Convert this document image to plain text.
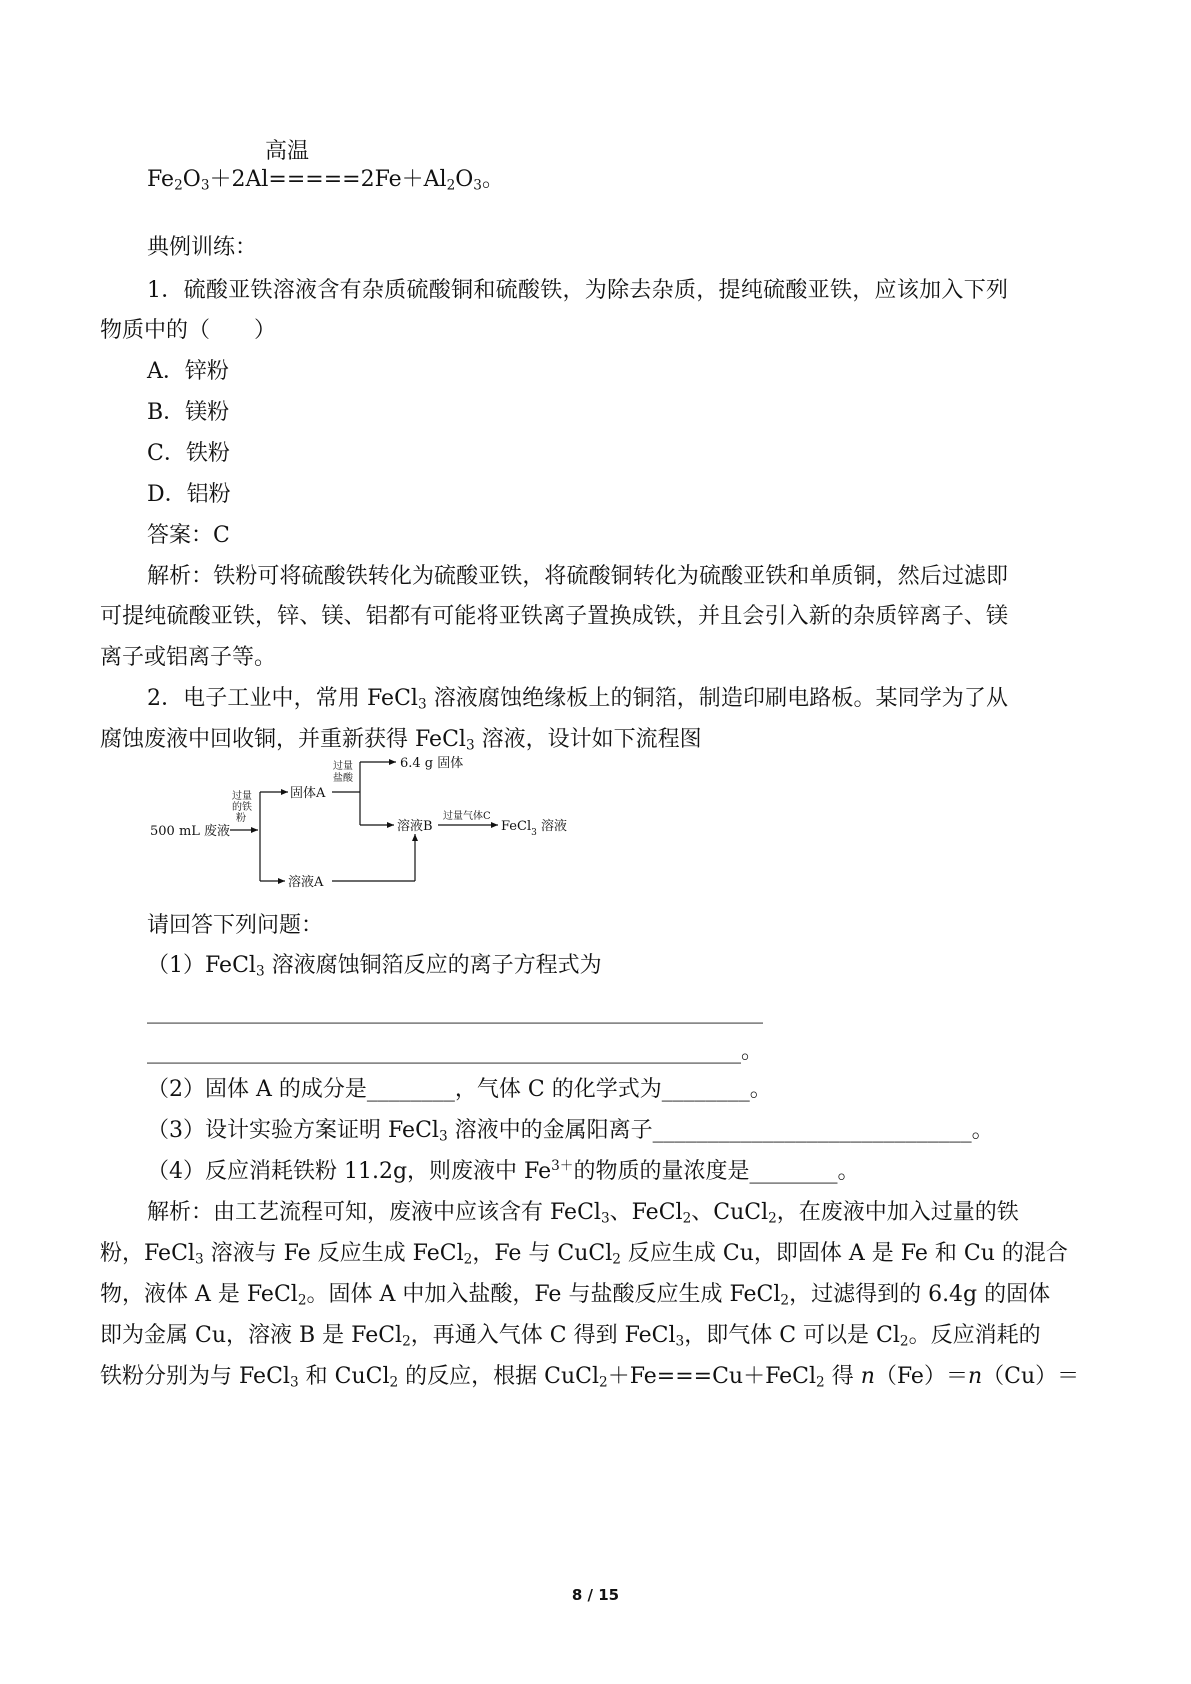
高温
$Fe_2O_3+2Al=====2Fe+Al_2O_3$。
典例训练：
1．硫酸亚铁溶液含有杂质硫酸铜和硫酸铁，为除去杂质，提纯硫酸亚铁，应该加入下列
物质中的（　　）
A．锌粉
B．镁粉
C．铁粉
D．铝粉
答案：C
解析：铁粉可将硫酸铁转化为硫酸亚铁，将硫酸铜转化为硫酸亚铁和单质铜，然后过滤即
可提纯硫酸亚铁，锌、镁、铝都有可能将亚铁离子置换成铁，并且会引入新的杂质锌离子、镁
离子或铝离子等。
2．电子工业中，常用 FeCl$_3$ 溶液腐蚀绝缘板上的铜箔，制造印刷电路板。某同学为了从
腐蚀废液中回收铜，并重新获得 FeCl$_3$ 溶液，设计如下流程图
500 mL 废液
过量
的铁
粉
固体A
溶液A
过量
盐酸
6.4 g 固体
溶液B
过量气体C
FeCl$_3$ 溶液
请回答下列问题：
（1）FeCl$_3$ 溶液腐蚀铜箔反应的离子方程式为
________________________________________________________
______________________________________________________。
（2）固体 A 的成分是________，气体 C 的化学式为________。
（3）设计实验方案证明 FeCl$_3$ 溶液中的金属阳离子_____________________________。
（4）反应消耗铁粉 11.2g，则废液中 $Fe^{3+}$的物质的量浓度是________。
解析：由工艺流程可知，废液中应该含有 FeCl$_3$、FeCl$_2$、CuCl$_2$，在废液中加入过量的铁
粉，FeCl$_3$ 溶液与 Fe 反应生成 FeCl$_2$，Fe 与 CuCl$_2$ 反应生成 Cu，即固体 A 是 Fe 和 Cu 的混合
物，液体 A 是 FeCl$_2$。固体 A 中加入盐酸，Fe 与盐酸反应生成 FeCl$_2$，过滤得到的 6.4g 的固体
即为金属 Cu，溶液 B 是 FeCl$_2$，再通入气体 C 得到 FeCl$_3$，即气体 C 可以是 $Cl_2$。反应消耗的
铁粉分别为与 FeCl$_3$ 和 CuCl$_2$ 的反应，根据 CuCl$_2$＋Fe===Cu＋FeCl$_2$ 得 n（Fe）＝n（Cu）＝
8 / 15
